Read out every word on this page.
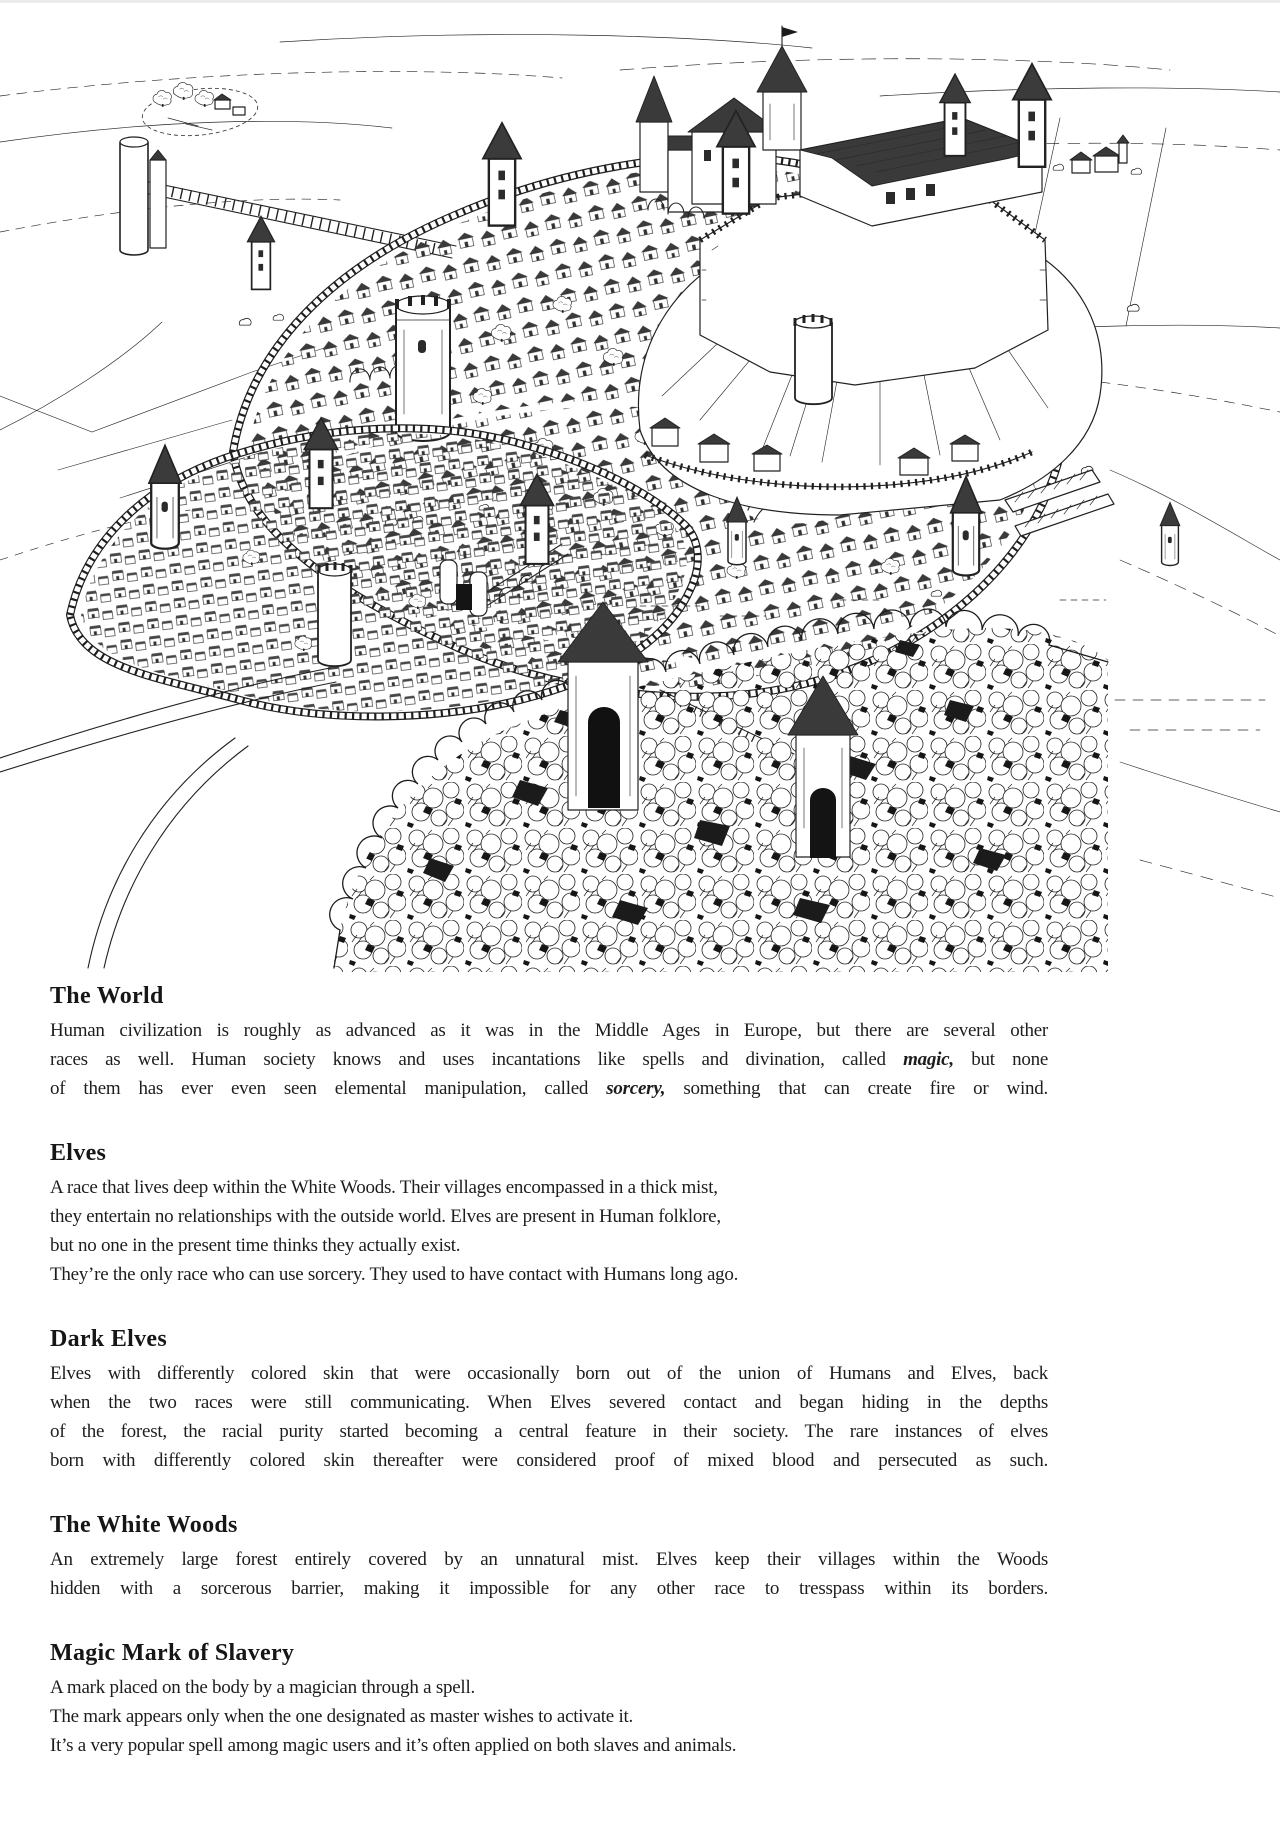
The World
Human civilization is roughly as advanced as it was in the Middle Ages in Europe, but there are several other
races as well. Human society knows and uses incantations like spells and divination, called magic, but none
of them has ever even seen elemental manipulation, called sorcery, something that can create fire or wind.
Elves
A race that lives deep within the White Woods. Their villages encompassed in a thick mist,
they entertain no relationships with the outside world. Elves are present in Human folklore,
but no one in the present time thinks they actually exist.
They’re the only race who can use sorcery. They used to have contact with Humans long ago.
Dark Elves
Elves with differently colored skin that were occasionally born out of the union of Humans and Elves, back
when the two races were still communicating. When Elves severed contact and began hiding in the depths
of the forest, the racial purity started becoming a central feature in their society. The rare instances of elves
born with differently colored skin thereafter were considered proof of mixed blood and persecuted as such.
The White Woods
An extremely large forest entirely covered by an unnatural mist. Elves keep their villages within the Woods
hidden with a sorcerous barrier, making it impossible for any other race to tresspass within its borders.
Magic Mark of Slavery
A mark placed on the body by a magician through a spell.
The mark appears only when the one designated as master wishes to activate it.
It’s a very popular spell among magic users and it’s often applied on both slaves and animals.
